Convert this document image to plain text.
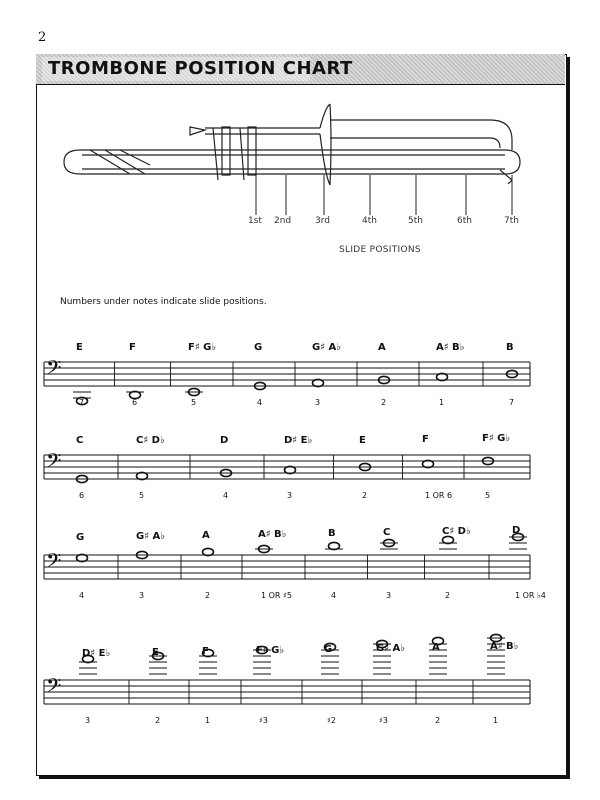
2
TROMBONE POSITION CHART
1st 2nd	3rd	4th	5th	6th	7th
SLIDE POSITIONS
Numbers under notes indicate slide positions.
𝄢
𝄢
𝄢
𝄢
E
7
F
6
F♯ G♭
5
G
4
G♯ A♭
3
A
2
A♯ B♭
1
B
7
C
6
C♯ D♭
5
D
4
D♯ E♭
3
E
2
F
1 OR 6
F♯ G♭
5
G
4
G♯ A♭
3
A
2
A♯ B♭
1 OR ♯5
B
4
C
3
C♯ D♭
2
D
1 OR ♭4
D♯ E♭
3
E
2
F
1
F♯ G♭
♯3
G
♯2
G♯ A♭
♯3
A
2
A♯ B♭
1
